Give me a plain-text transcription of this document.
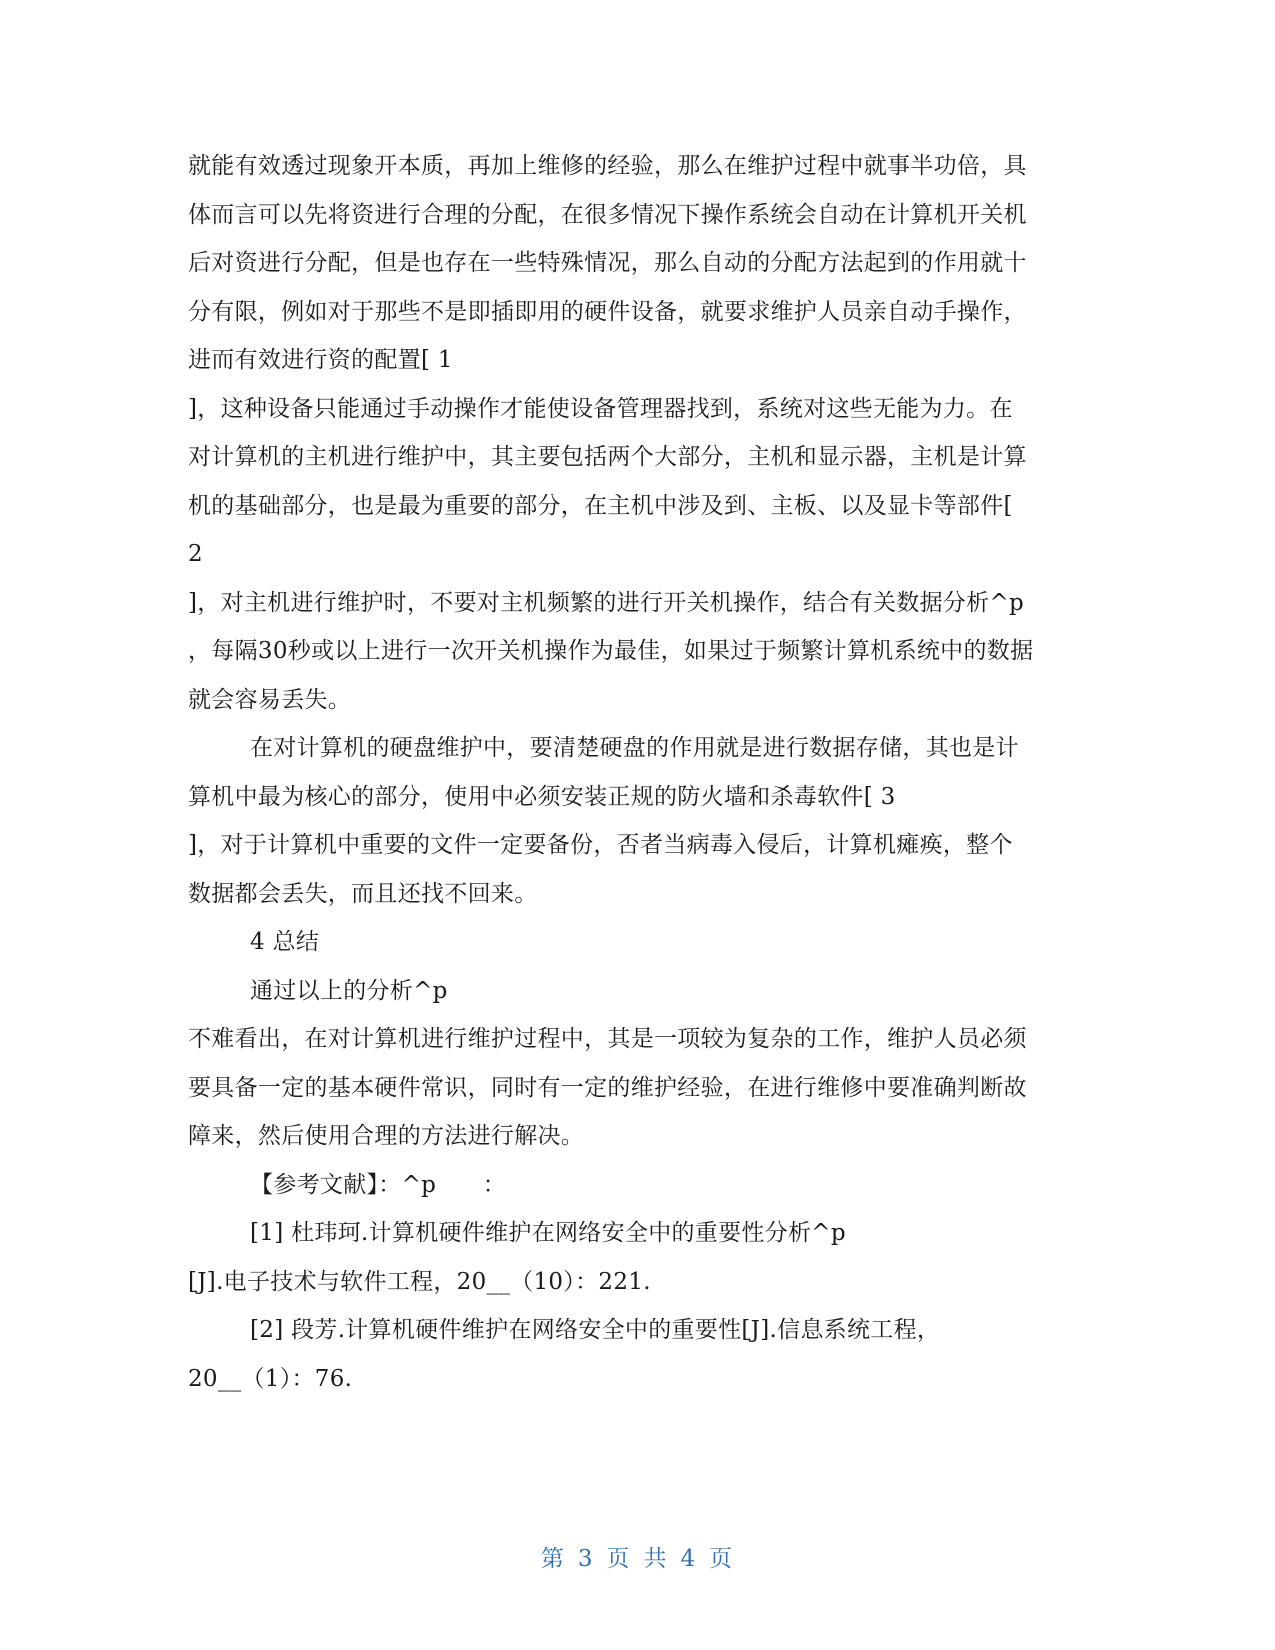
就能有效透过现象开本质，再加上维修的经验，那么在维护过程中就事半功倍，具
体而言可以先将资进行合理的分配，在很多情况下操作系统会自动在计算机开关机
后对资进行分配，但是也存在一些特殊情况，那么自动的分配方法起到的作用就十
分有限，例如对于那些不是即插即用的硬件设备，就要求维护人员亲自动手操作，
进而有效进行资的配置[ 1
]，这种设备只能通过手动操作才能使设备管理器找到，系统对这些无能为力。在
对计算机的主机进行维护中，其主要包括两个大部分，主机和显示器，主机是计算
机的基础部分，也是最为重要的部分，在主机中涉及到、主板、以及显卡等部件[
2
]，对主机进行维护时，不要对主机频繁的进行开关机操作，结合有关数据分析^p
，每隔30秒或以上进行一次开关机操作为最佳，如果过于频繁计算机系统中的数据
就会容易丢失。
在对计算机的硬盘维护中，要清楚硬盘的作用就是进行数据存储，其也是计
算机中最为核心的部分，使用中必须安装正规的防火墙和杀毒软件[ 3
]，对于计算机中重要的文件一定要备份，否者当病毒入侵后，计算机瘫痪，整个
数据都会丢失，而且还找不回来。
4 总结
通过以上的分析^p
不难看出，在对计算机进行维护过程中，其是一项较为复杂的工作，维护人员必须
要具备一定的基本硬件常识，同时有一定的维护经验，在进行维修中要准确判断故
障来，然后使用合理的方法进行解决。
【参考文献】：^p　　：
[1] 杜玮珂.计算机硬件维护在网络安全中的重要性分析^p
[J].电子技术与软件工程，20__（10）：221.
[2] 段芳.计算机硬件维护在网络安全中的重要性[J].信息系统工程，
20__（1）：76.
第 3 页 共 4 页
